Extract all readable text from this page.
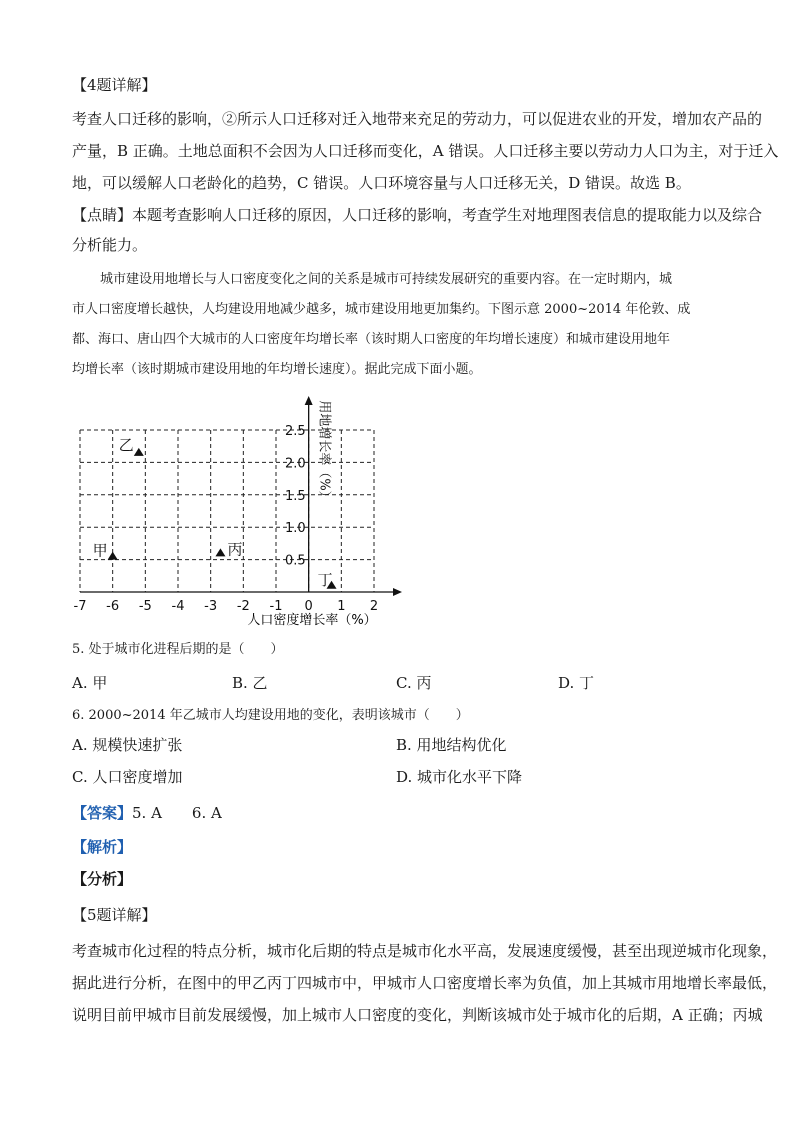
【4题详解】
考查人口迁移的影响，②所示人口迁移对迁入地带来充足的劳动力，可以促进农业的开发，增加农产品的
产量，B 正确。土地总面积不会因为人口迁移而变化，A 错误。人口迁移主要以劳动力人口为主，对于迁入
地，可以缓解人口老龄化的趋势，C 错误。人口环境容量与人口迁移无关，D 错误。故选 B。
【点睛】本题考查影响人口迁移的原因，人口迁移的影响，考查学生对地理图表信息的提取能力以及综合
分析能力。
城市建设用地增长与人口密度变化之间的关系是城市可持续发展研究的重要内容。在一定时期内，城
市人口密度增长越快，人均建设用地减少越多，城市建设用地更加集约。下图示意 2000~2014 年伦敦、成
都、海口、唐山四个大城市的人口密度年均增长率（该时期人口密度的年均增长速度）和城市建设用地年
均增长率（该时期城市建设用地的年均增长速度）。据此完成下面小题。
-7 -6 -5 -4 -3 -2 -1 0 1 2
0.5
1.0
1.5
2.0
2.5 用地增长率（%）
甲
乙
丙
丁
人口密度增长率（%）
5. 处于城市化进程后期的是（　　）
A. 甲	B. 乙	C. 丙	D. 丁
6. 2000~2014 年乙城市人均建设用地的变化，表明该城市（　　）
A. 规模快速扩张	B. 用地结构优化
C. 人口密度增加	D. 城市化水平下降
【答案】5. A　　6. A
【解析】
【分析】
【5题详解】
考查城市化过程的特点分析，城市化后期的特点是城市化水平高，发展速度缓慢，甚至出现逆城市化现象，
据此进行分析，在图中的甲乙丙丁四城市中，甲城市人口密度增长率为负值，加上其城市用地增长率最低，
说明目前甲城市目前发展缓慢，加上城市人口密度的变化，判断该城市处于城市化的后期，A 正确；丙城
